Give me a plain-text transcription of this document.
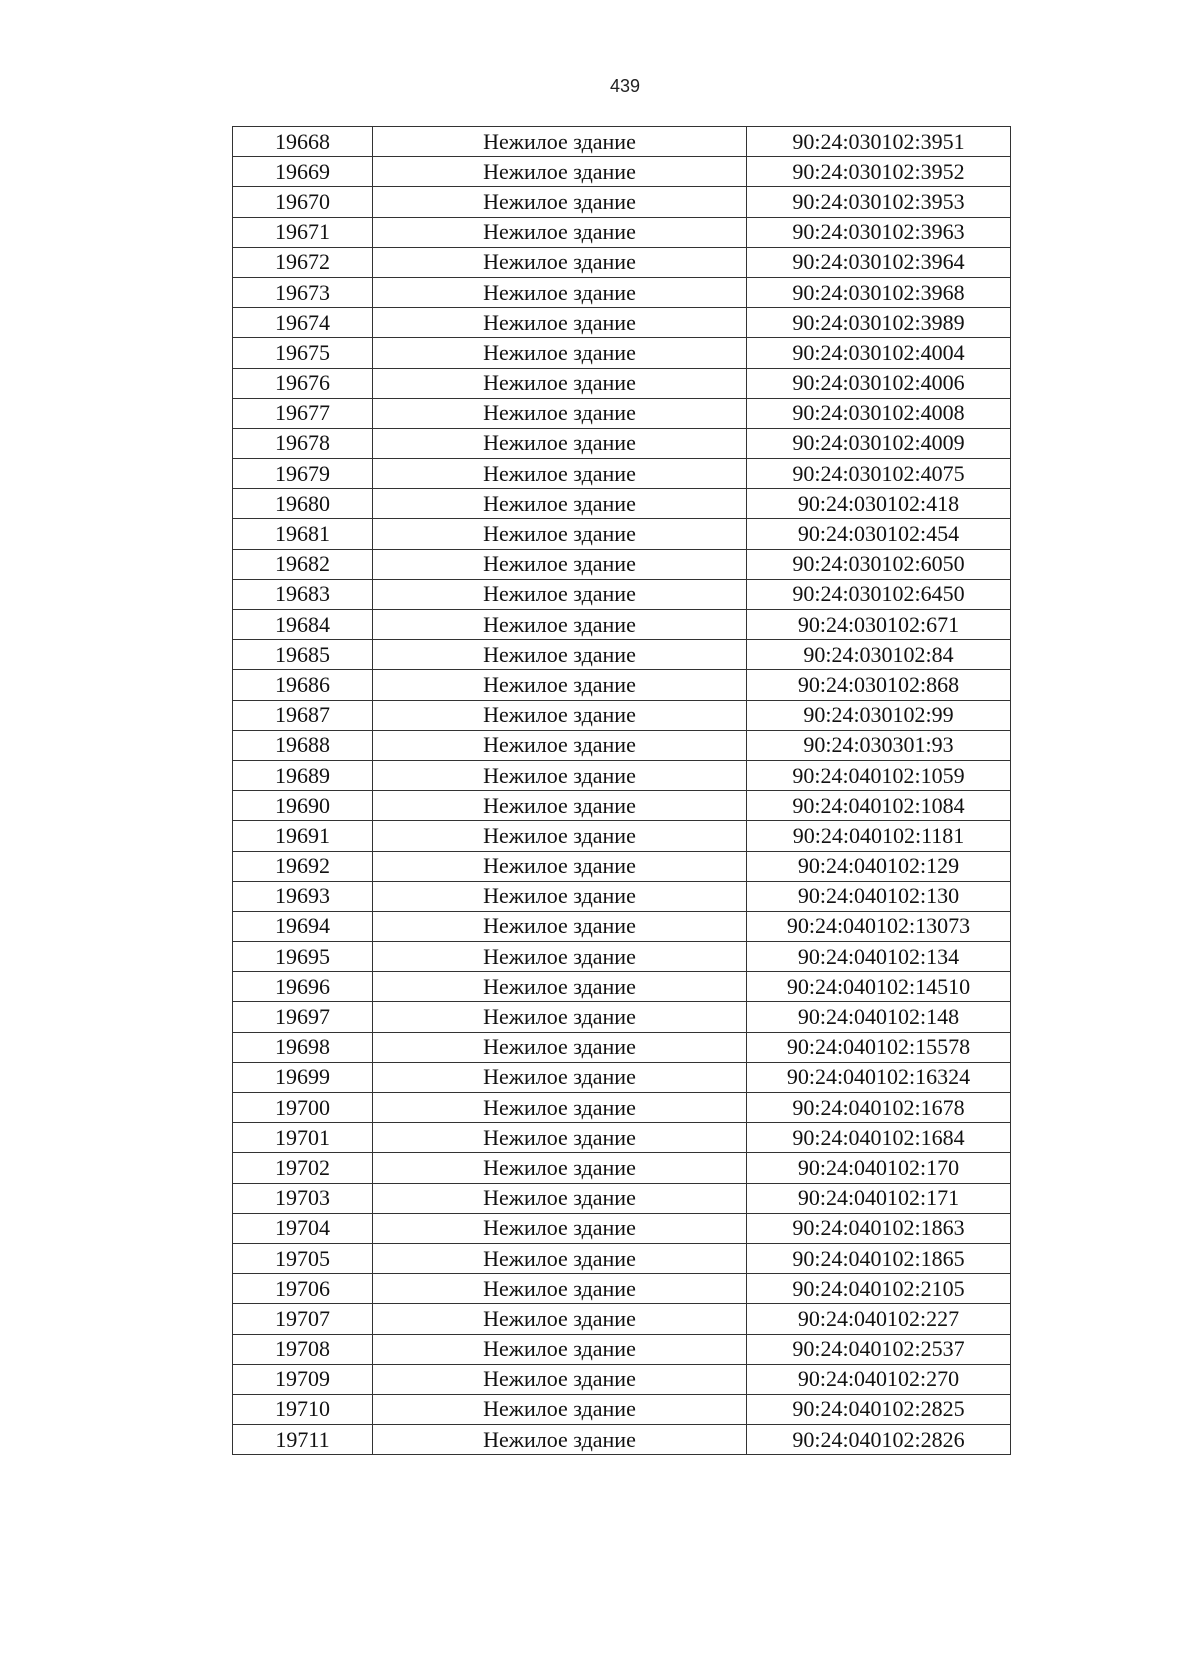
439
19668	Нежилое здание	90:24:030102:3951
19669	Нежилое здание	90:24:030102:3952
19670	Нежилое здание	90:24:030102:3953
19671	Нежилое здание	90:24:030102:3963
19672	Нежилое здание	90:24:030102:3964
19673	Нежилое здание	90:24:030102:3968
19674	Нежилое здание	90:24:030102:3989
19675	Нежилое здание	90:24:030102:4004
19676	Нежилое здание	90:24:030102:4006
19677	Нежилое здание	90:24:030102:4008
19678	Нежилое здание	90:24:030102:4009
19679	Нежилое здание	90:24:030102:4075
19680	Нежилое здание	90:24:030102:418
19681	Нежилое здание	90:24:030102:454
19682	Нежилое здание	90:24:030102:6050
19683	Нежилое здание	90:24:030102:6450
19684	Нежилое здание	90:24:030102:671
19685	Нежилое здание	90:24:030102:84
19686	Нежилое здание	90:24:030102:868
19687	Нежилое здание	90:24:030102:99
19688	Нежилое здание	90:24:030301:93
19689	Нежилое здание	90:24:040102:1059
19690	Нежилое здание	90:24:040102:1084
19691	Нежилое здание	90:24:040102:1181
19692	Нежилое здание	90:24:040102:129
19693	Нежилое здание	90:24:040102:130
19694	Нежилое здание	90:24:040102:13073
19695	Нежилое здание	90:24:040102:134
19696	Нежилое здание	90:24:040102:14510
19697	Нежилое здание	90:24:040102:148
19698	Нежилое здание	90:24:040102:15578
19699	Нежилое здание	90:24:040102:16324
19700	Нежилое здание	90:24:040102:1678
19701	Нежилое здание	90:24:040102:1684
19702	Нежилое здание	90:24:040102:170
19703	Нежилое здание	90:24:040102:171
19704	Нежилое здание	90:24:040102:1863
19705	Нежилое здание	90:24:040102:1865
19706	Нежилое здание	90:24:040102:2105
19707	Нежилое здание	90:24:040102:227
19708	Нежилое здание	90:24:040102:2537
19709	Нежилое здание	90:24:040102:270
19710	Нежилое здание	90:24:040102:2825
19711	Нежилое здание	90:24:040102:2826
